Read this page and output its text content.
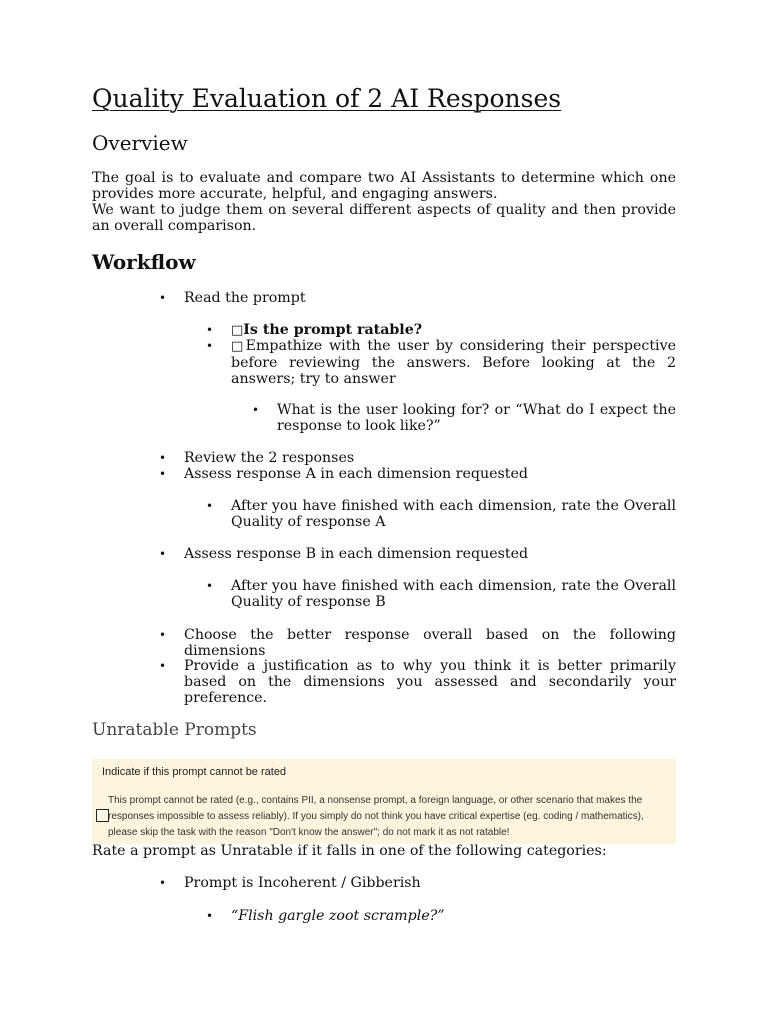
Quality Evaluation of 2 AI Responses
Overview

The goal is to evaluate and compare two AI Assistants to determine which one provides more accurate, helpful, and engaging answers.

We want to judge them on several different aspects of quality and then provide an overall comparison.

Workflow
• Read the prompt

• □Is the prompt ratable?

• □Empathize with the user by considering their perspective before reviewing the answers. Before looking at the 2 answers; try to answer

• What is the user looking for? or “What do I expect the response to look like?”

• Review the 2 responses

• Assess response A in each dimension requested

• After you have finished with each dimension, rate the Overall Quality of response A

• Assess response B in each dimension requested

• After you have finished with each dimension, rate the Overall Quality of response B

• Choose the better response overall based on the following dimensions

• Provide a justification as to why you think it is better primarily based on the dimensions you assessed and secondarily your preference.

Unratable Prompts
Indicate if this prompt cannot be rated
This prompt cannot be rated (e.g., contains PII, a nonsense prompt, a foreign language, or other scenario that makes the responses impossible to assess reliably). If you simply do not think you have critical expertise (eg. coding / mathematics), please skip the task with the reason "Don't know the answer"; do not mark it as not ratable!

Rate a prompt as Unratable if it falls in one of the following categories:

• Prompt is Incoherent / Gibberish

• “Flish gargle zoot scrample?”
